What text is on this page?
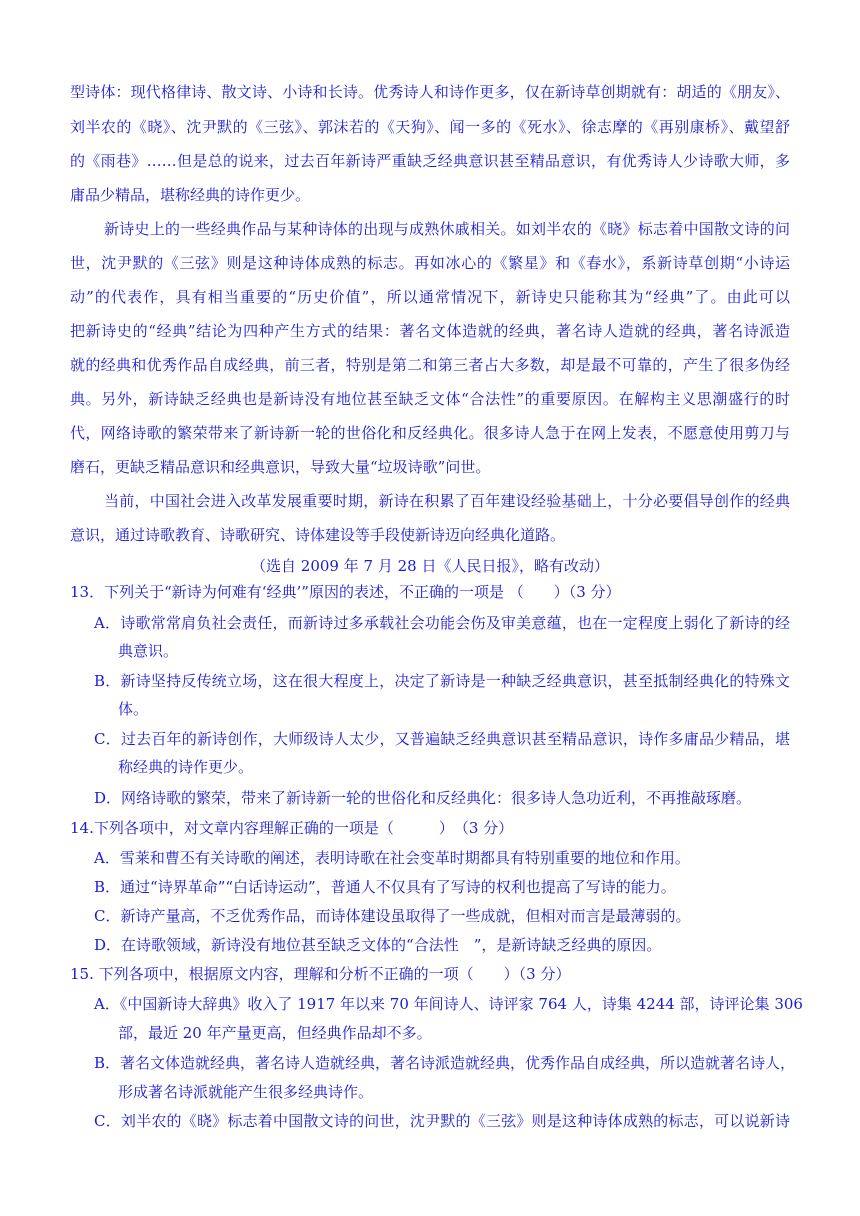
型诗体：现代格律诗、散文诗、小诗和长诗。优秀诗人和诗作更多，仅在新诗草创期就有：胡适的《朋友》、
刘半农的《晓》、沈尹默的《三弦》、郭沫若的《天狗》、闻一多的《死水》、徐志摩的《再别康桥》、戴望舒
的《雨巷》……但是总的说来，过去百年新诗严重缺乏经典意识甚至精品意识，有优秀诗人少诗歌大师，多
庸品少精品，堪称经典的诗作更少。
新诗史上的一些经典作品与某种诗体的出现与成熟休戚相关。如刘半农的《晓》标志着中国散文诗的问
世，沈尹默的《三弦》则是这种诗体成熟的标志。再如冰心的《繁星》和《春水》，系新诗草创期“小诗运
动”的代表作，具有相当重要的“历史价值”，所以通常情况下，新诗史只能称其为“经典”了。由此可以
把新诗史的“经典”结论为四种产生方式的结果：著名文体造就的经典，著名诗人造就的经典，著名诗派造
就的经典和优秀作品自成经典，前三者，特别是第二和第三者占大多数，却是最不可靠的，产生了很多伪经
典。另外，新诗缺乏经典也是新诗没有地位甚至缺乏文体“合法性”的重要原因。在解构主义思潮盛行的时
代，网络诗歌的繁荣带来了新诗新一轮的世俗化和反经典化。很多诗人急于在网上发表，不愿意使用剪刀与
磨石，更缺乏精品意识和经典意识，导致大量“垃圾诗歌”问世。
当前，中国社会进入改革发展重要时期，新诗在积累了百年建设经验基础上，十分必要倡导创作的经典
意识，通过诗歌教育、诗歌研究、诗体建设等手段使新诗迈向经典化道路。
（选自 2009 年 7 月 28 日《人民日报》，略有改动）
13．下列关于“新诗为何难有‘经典’”原因的表述，不正确的一项是 （　　）（3 分）
A．诗歌常常肩负社会责任，而新诗过多承载社会功能会伤及审美意蕴，也在一定程度上弱化了新诗的经
典意识。
B．新诗坚持反传统立场，这在很大程度上，决定了新诗是一种缺乏经典意识，甚至抵制经典化的特殊文
体。
C．过去百年的新诗创作，大师级诗人太少，又普遍缺乏经典意识甚至精品意识，诗作多庸品少精品，堪
称经典的诗作更少。
D．网络诗歌的繁荣，带来了新诗新一轮的世俗化和反经典化：很多诗人急功近利，不再推敲琢磨。
14.下列各项中，对文章内容理解正确的一项是（　　　）　（3 分）
A．雪莱和曹丕有关诗歌的阐述，表明诗歌在社会变革时期都具有特别重要的地位和作用。
B．通过“诗界革命”“白话诗运动”，普通人不仅具有了写诗的权利也提高了写诗的能力。
C．新诗产量高，不乏优秀作品，而诗体建设虽取得了一些成就，但相对而言是最薄弱的。
D．在诗歌领域，新诗没有地位甚至缺乏文体的“合法性　”，是新诗缺乏经典的原因。
15. 下列各项中，根据原文内容，理解和分析不正确的一项（　　）（3 分）
A．《中国新诗大辞典》收入了 1917 年以来 70 年间诗人、诗评家 764 人，诗集 4244 部，诗评论集 306
部，最近 20 年产量更高，但经典作品却不多。
B．著名文体造就经典，著名诗人造就经典，著名诗派造就经典，优秀作品自成经典，所以造就著名诗人，
形成著名诗派就能产生很多经典诗作。
C．刘半农的《晓》标志着中国散文诗的问世，沈尹默的《三弦》则是这种诗体成熟的标志，可以说新诗
